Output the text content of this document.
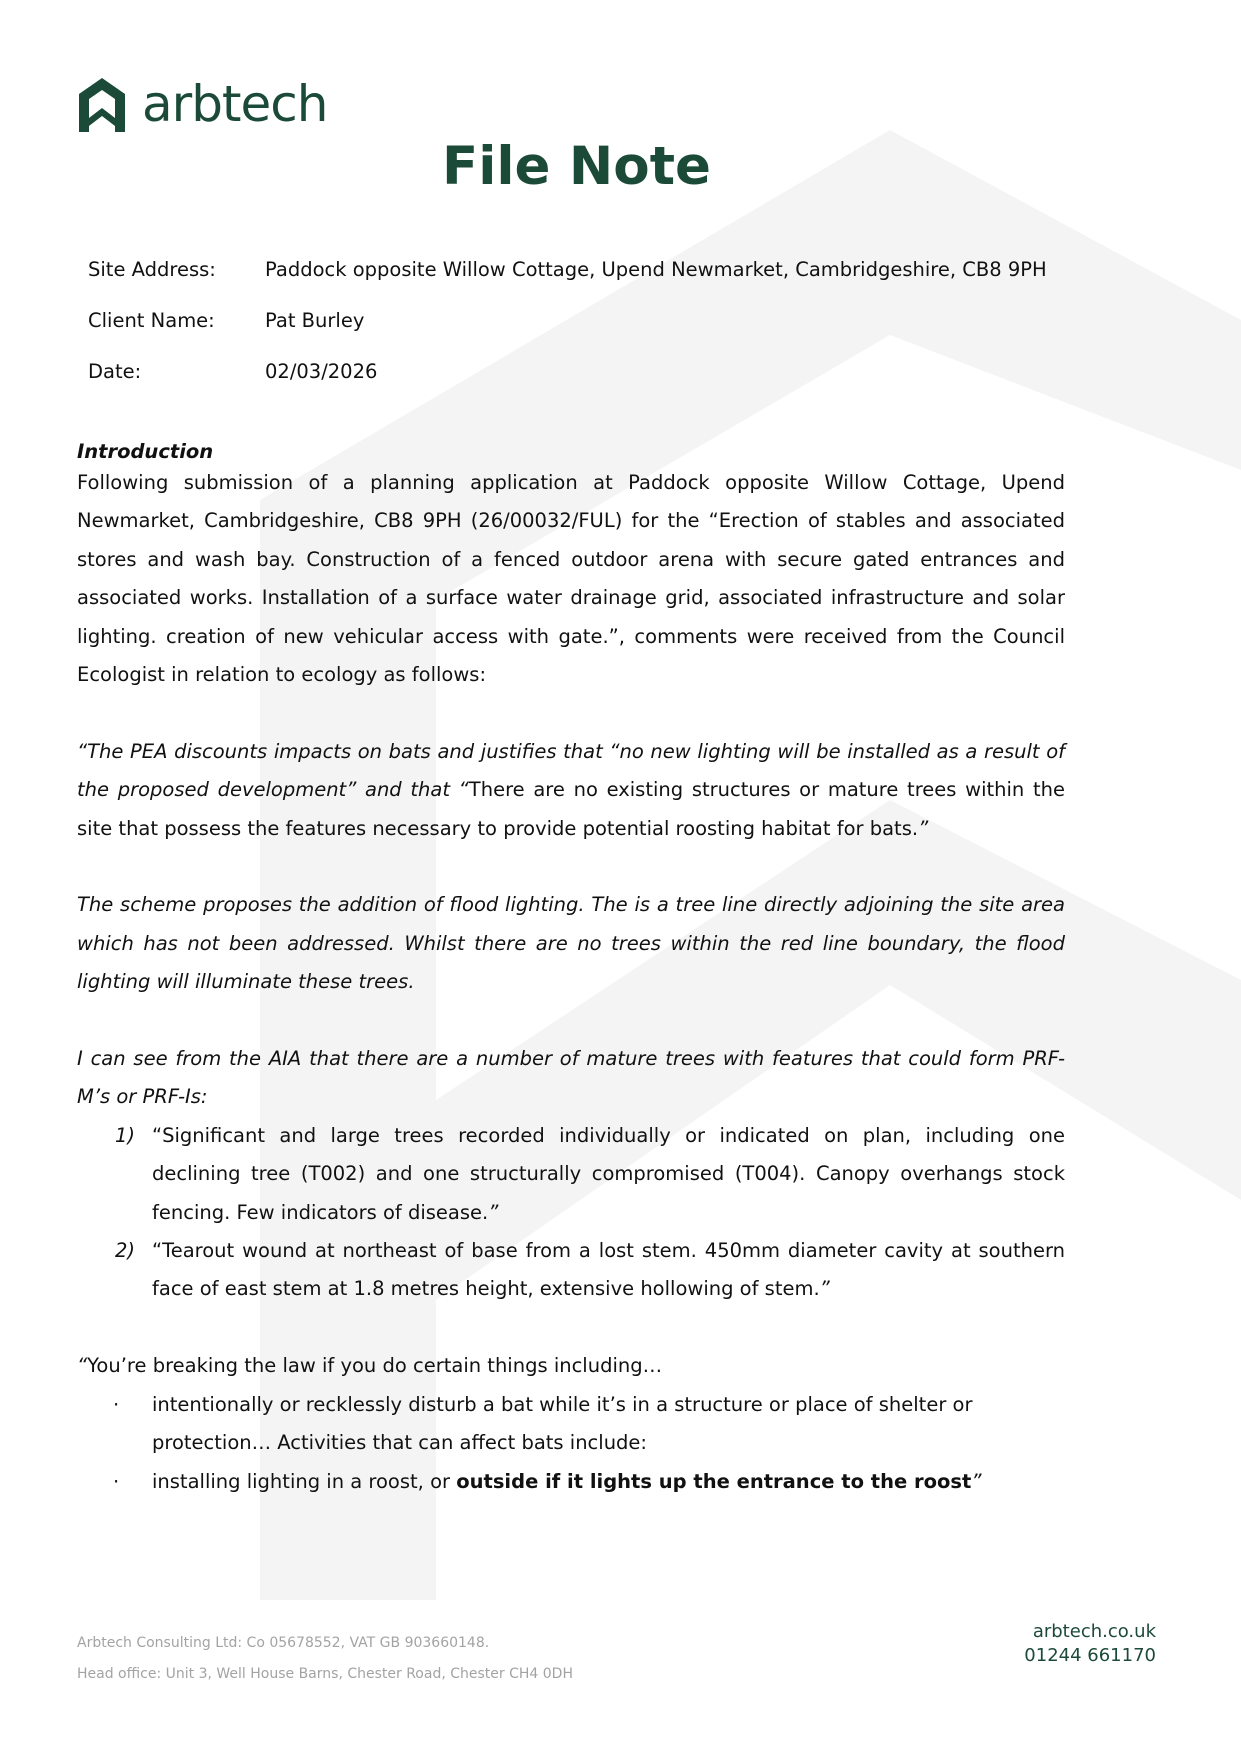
arbtech
File Note
Site Address:	Paddock opposite Willow Cottage, Upend Newmarket, Cambridgeshire, CB8 9PH
Client Name:	Pat Burley
Date:	02/03/2026
Introduction

Following submission of a planning application at Paddock opposite Willow Cottage, Upend Newmarket, Cambridgeshire, CB8 9PH (26/00032/FUL) for the “Erection of stables and associated stores and wash bay. Construction of a fenced outdoor arena with secure gated entrances and associated works. Installation of a surface water drainage grid, associated infrastructure and solar lighting. creation of new vehicular access with gate.”, comments were received from the Council Ecologist in relation to ecology as follows:

“The PEA discounts impacts on bats and justifies that “no new lighting will be installed as a result of the proposed development” and that “There are no existing structures or mature trees within the site that possess the features necessary to provide potential roosting habitat for bats.”

The scheme proposes the addition of flood lighting. The is a tree line directly adjoining the site area which has not been addressed. Whilst there are no trees within the red line boundary, the flood lighting will illuminate these trees.

I can see from the AIA that there are a number of mature trees with features that could form PRF-M’s or PRF-Is:

1) “Significant and large trees recorded individually or indicated on plan, including one declining tree (T002) and one structurally compromised (T004). Canopy overhangs stock fencing. Few indicators of disease.”
2) “Tearout wound at northeast of base from a lost stem. 450mm diameter cavity at southern face of east stem at 1.8 metres height, extensive hollowing of stem.”

“You’re breaking the law if you do certain things including…

·	intentionally or recklessly disturb a bat while it’s in a structure or place of shelter or protection… Activities that can affect bats include:
·	installing lighting in a roost, or outside if it lights up the entrance to the roost”
Arbtech Consulting Ltd: Co 05678552, VAT GB 903660148.
Head office: Unit 3, Well House Barns, Chester Road, Chester CH4 0DH
arbtech.co.uk
01244 661170
